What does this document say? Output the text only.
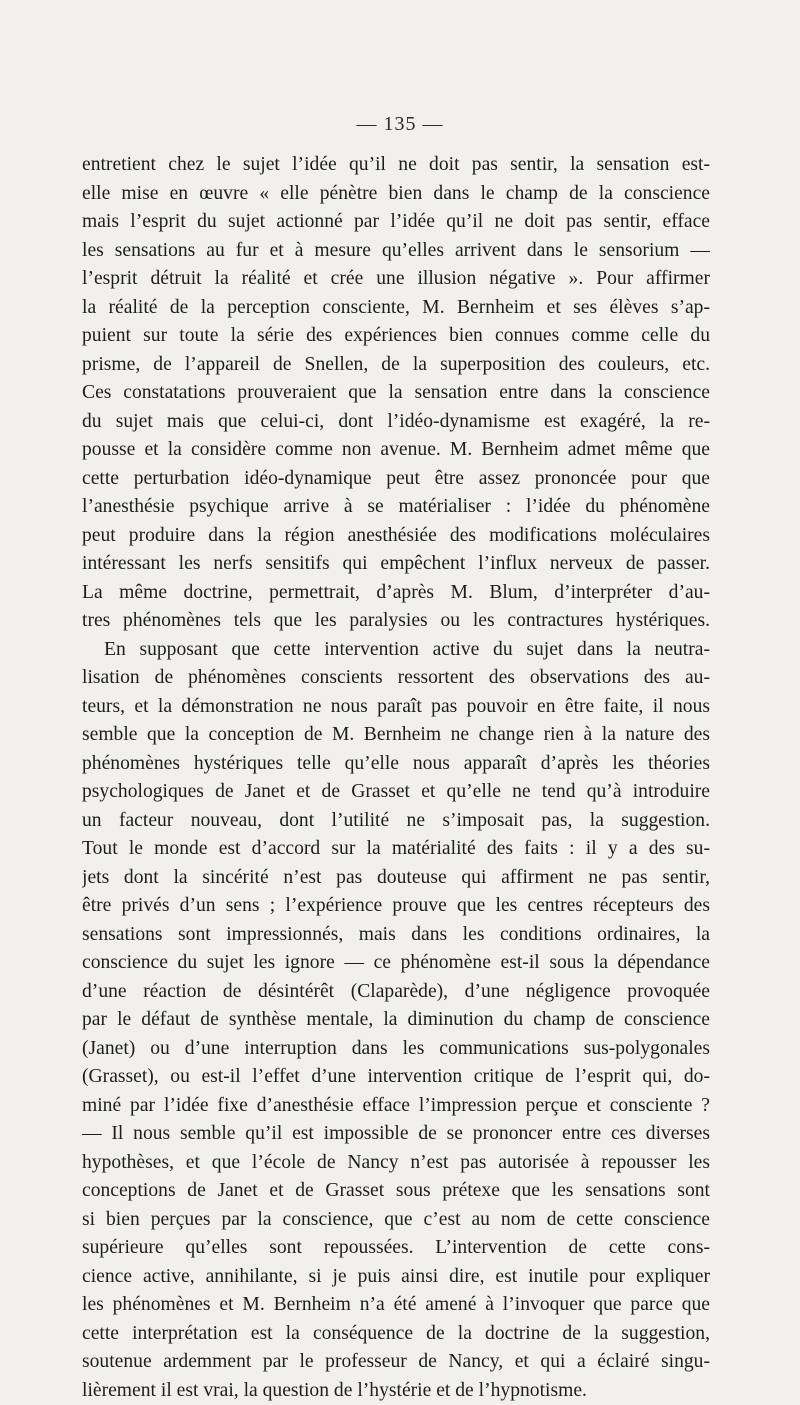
— 135 —
entretient chez le sujet l’idée qu’il ne doit pas sentir, la sensation est-
elle mise en œuvre « elle pénètre bien dans le champ de la conscience
mais l’esprit du sujet actionné par l’idée qu’il ne doit pas sentir, efface
les sensations au fur et à mesure qu’elles arrivent dans le sensorium —
l’esprit détruit la réalité et crée une illusion négative ». Pour affirmer
la réalité de la perception consciente, M. Bernheim et ses élèves s’ap-
puient sur toute la série des expériences bien connues comme celle du
prisme, de l’appareil de Snellen, de la superposition des couleurs, etc.
Ces constatations prouveraient que la sensation entre dans la conscience
du sujet mais que celui-ci, dont l’idéo-dynamisme est exagéré, la re-
pousse et la considère comme non avenue. M. Bernheim admet même que
cette perturbation idéo-dynamique peut être assez prononcée pour que
l’anesthésie psychique arrive à se matérialiser : l’idée du phénomène
peut produire dans la région anesthésiée des modifications moléculaires
intéressant les nerfs sensitifs qui empêchent l’influx nerveux de passer.
La même doctrine, permettrait, d’après M. Blum, d’interpréter d’au-
tres phénomènes tels que les paralysies ou les contractures hystériques.
En supposant que cette intervention active du sujet dans la neutra-
lisation de phénomènes conscients ressortent des observations des au-
teurs, et la démonstration ne nous paraît pas pouvoir en être faite, il nous
semble que la conception de M. Bernheim ne change rien à la nature des
phénomènes hystériques telle qu’elle nous apparaît d’après les théories
psychologiques de Janet et de Grasset et qu’elle ne tend qu’à introduire
un facteur nouveau, dont l’utilité ne s’imposait pas, la suggestion.
Tout le monde est d’accord sur la matérialité des faits : il y a des su-
jets dont la sincérité n’est pas douteuse qui affirment ne pas sentir,
être privés d’un sens ; l’expérience prouve que les centres récepteurs des
sensations sont impressionnés, mais dans les conditions ordinaires, la
conscience du sujet les ignore — ce phénomène est-il sous la dépendance
d’une réaction de désintérêt (Claparède), d’une négligence provoquée
par le défaut de synthèse mentale, la diminution du champ de conscience
(Janet) ou d’une interruption dans les communications sus-polygonales
(Grasset), ou est-il l’effet d’une intervention critique de l’esprit qui, do-
miné par l’idée fixe d’anesthésie efface l’impression perçue et consciente ?
— Il nous semble qu’il est impossible de se prononcer entre ces diverses
hypothèses, et que l’école de Nancy n’est pas autorisée à repousser les
conceptions de Janet et de Grasset sous prétexe que les sensations sont
si bien perçues par la conscience, que c’est au nom de cette conscience
supérieure qu’elles sont repoussées. L’intervention de cette cons-
cience active, annihilante, si je puis ainsi dire, est inutile pour expliquer
les phénomènes et M. Bernheim n’a été amené à l’invoquer que parce que
cette interprétation est la conséquence de la doctrine de la suggestion,
soutenue ardemment par le professeur de Nancy, et qui a éclairé singu-
lièrement il est vrai, la question de l’hystérie et de l’hypnotisme.
